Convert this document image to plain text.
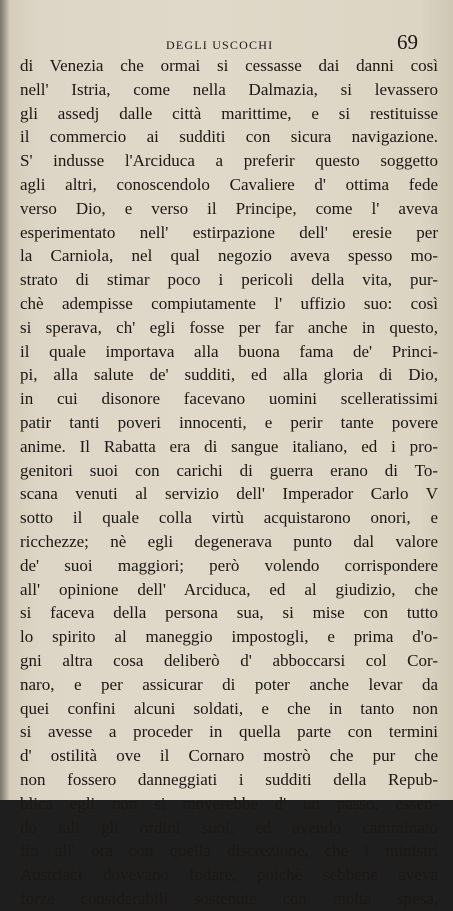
DEGLI USCOCHI	69
di Venezia che ormai si cessasse dai danni così
nell' Istria, come nella Dalmazia, si levassero
gli assedj dalle città marittime, e si restituisse
il commercio ai sudditi con sicura navigazione.
S' indusse l'Arciduca a preferir questo soggetto
agli altri, conoscendolo Cavaliere d' ottima fede
verso Dio, e verso il Principe, come l' aveva
esperimentato nell' estirpazione dell' eresie per
la Carniola, nel qual negozio aveva spesso mo-
strato di stimar poco i pericoli della vita, pur-
chè adempisse compiutamente l' uffizio suo: così
si sperava, ch' egli fosse per far anche in questo,
il quale importava alla buona fama de' Princi-
pi, alla salute de' sudditi, ed alla gloria di Dio,
in cui disonore facevano uomini scelleratissimi
patir tanti poveri innocenti, e perir tante povere
anime. Il Rabatta era di sangue italiano, ed i pro-
genitori suoi con carichi di guerra erano di To-
scana venuti al servizio dell' Imperador Carlo V
sotto il quale colla virtù acquistarono onori, e
ricchezze; nè egli degenerava punto dal valore
de' suoi maggiori; però volendo corrispondere
all' opinione dell' Arciduca, ed al giudizio, che
si faceva della persona sua, si mise con tutto
lo spirito al maneggio impostogli, e prima d'o-
gni altra cosa deliberò d' abboccarsi col Cor-
naro, e per assicurar di poter anche levar da
quei confini alcuni soldati, e che in tanto non
si avesse a proceder in quella parte con termini
d' ostilità ove il Cornaro mostrò che pur che
non fossero danneggiati i sudditi della Repub-
blica egli non si moverebbe d' un passo, essen-
do tali gli ordini suoi, ed avendo camminato
fin all' ora con quella discrezione, che i ministri
Austriaci dovevano lodare, poichè sebbene aveva
forze considerabili sostenute con molta spesa,
